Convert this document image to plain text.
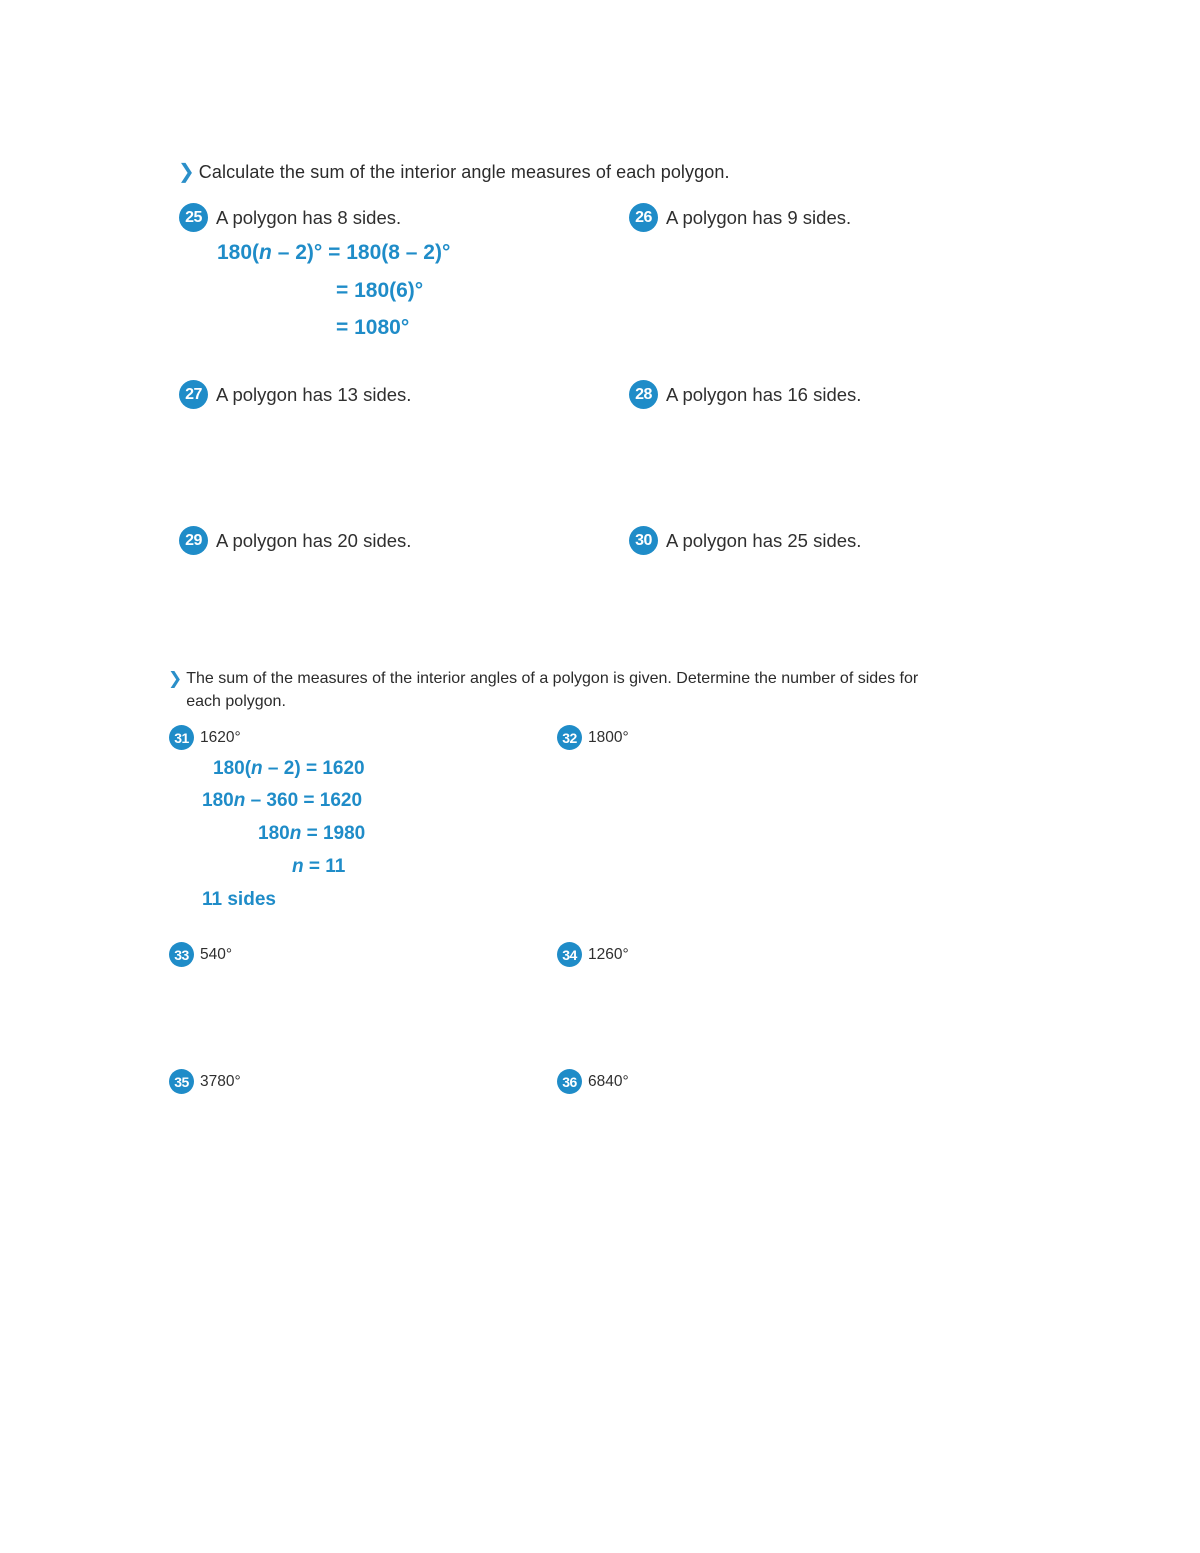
❯ Calculate the sum of the interior angle measures of each polygon.
25 A polygon has 8 sides.
180(n – 2)° = 180(8 – 2)°
= 180(6)°
= 1080°
26 A polygon has 9 sides.
27 A polygon has 13 sides.	28 A polygon has 16 sides.
29 A polygon has 20 sides.	30 A polygon has 25 sides.
❯ The sum of the measures of the interior angles of a polygon is given. Determine the number of sides for each polygon.
31 1620°
180(n – 2) = 1620
180n – 360 = 1620
180n = 1980
n = 11
11 sides
32 1800°
33 540°	34 1260°
35 3780°	36 6840°
